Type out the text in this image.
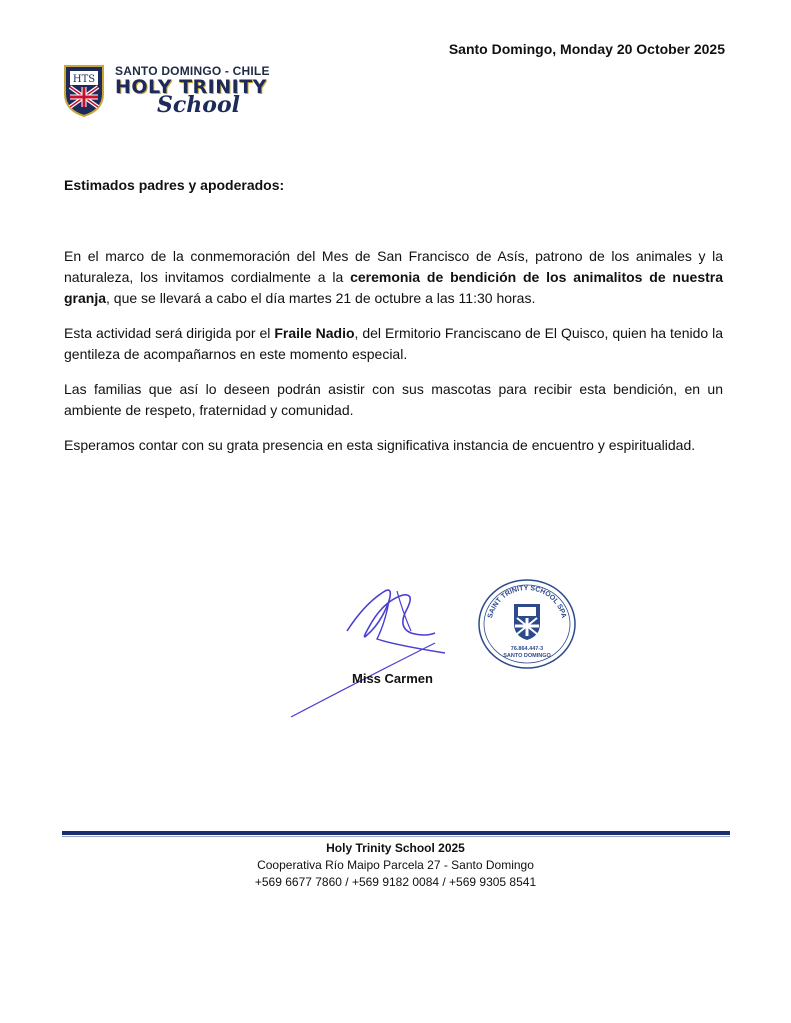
Santo Domingo, Monday 20 October 2025
HTS
SANTO DOMINGO - CHILE
HOLY TRINITY
School
Estimados padres y apoderados:

En el marco de la conmemoración del Mes de San Francisco de Asís, patrono de los animales y la naturaleza, los invitamos cordialmente a la ceremonia de bendición de los animalitos de nuestra granja, que se llevará a cabo el día martes 21 de octubre a las 11:30 horas.

Esta actividad será dirigida por el Fraile Nadio, del Ermitorio Franciscano de El Quisco, quien ha tenido la gentileza de acompañarnos en este momento especial.

Las familias que así lo deseen podrán asistir con sus mascotas para recibir esta bendición, en un ambiente de respeto, fraternidad y comunidad.

Esperamos contar con su grata presencia en esta significativa instancia de encuentro y espiritualidad.

Miss Carmen
SAINT TRINITY SCHOOL SPA
76.864.447-3
SANTO DOMINGO
Holy Trinity School 2025
Cooperativa Río Maipo Parcela 27 - Santo Domingo
+569 6677 7860 / +569 9182 0084 / +569 9305 8541
